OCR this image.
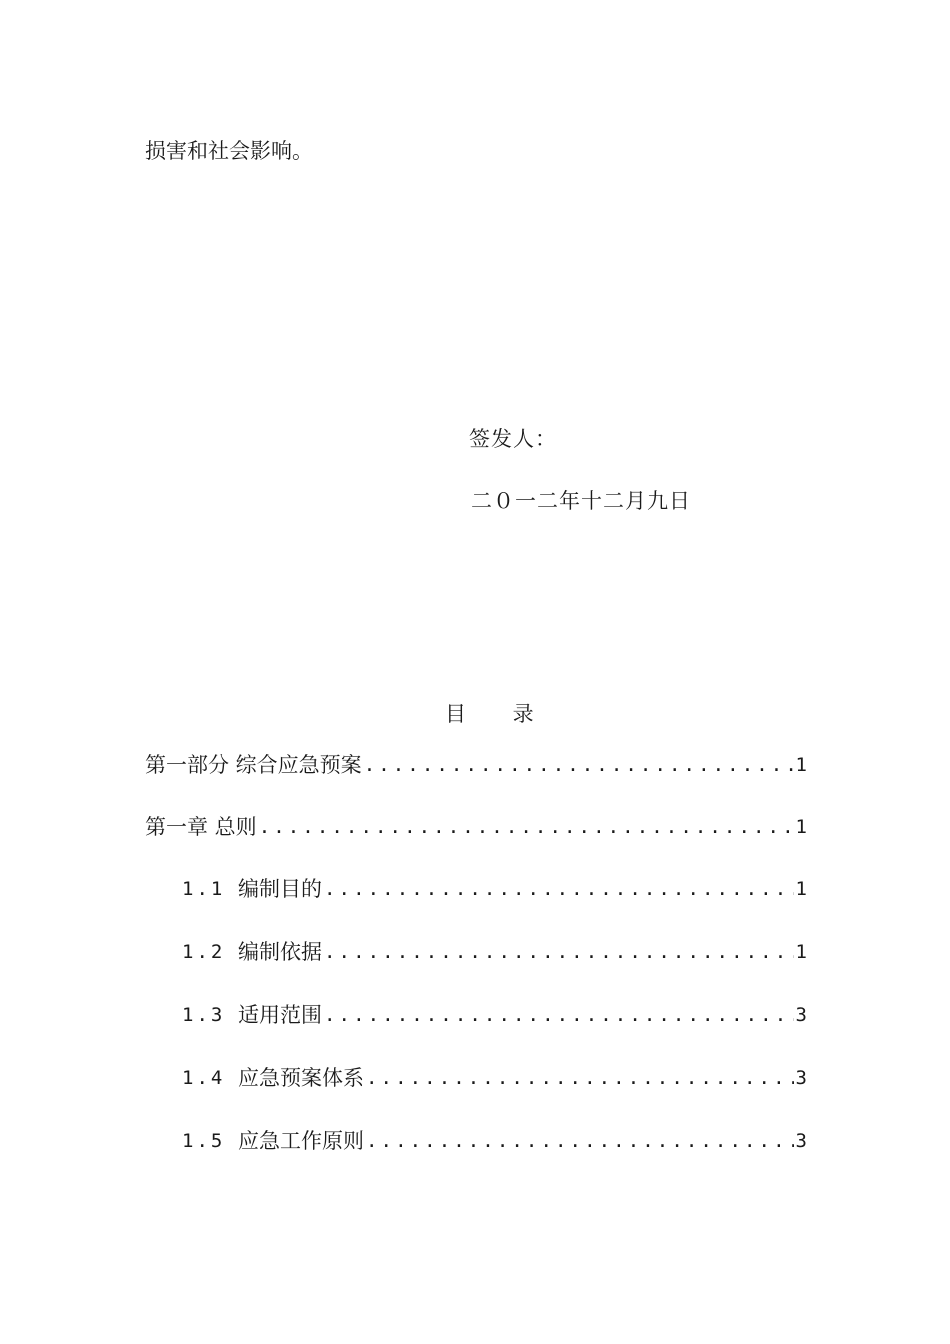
损害和社会影响。
签发人：
二０一二年十二月九日
目 录
第一部分 综合应急预案 .....	1
第一章 总则 .....	1
1.1 编制目的 .....	1
1.2 编制依据 .....	1
1.3 适用范围 .....	3
1.4 应急预案体系 .....	3
1.5 应急工作原则 .....	3
